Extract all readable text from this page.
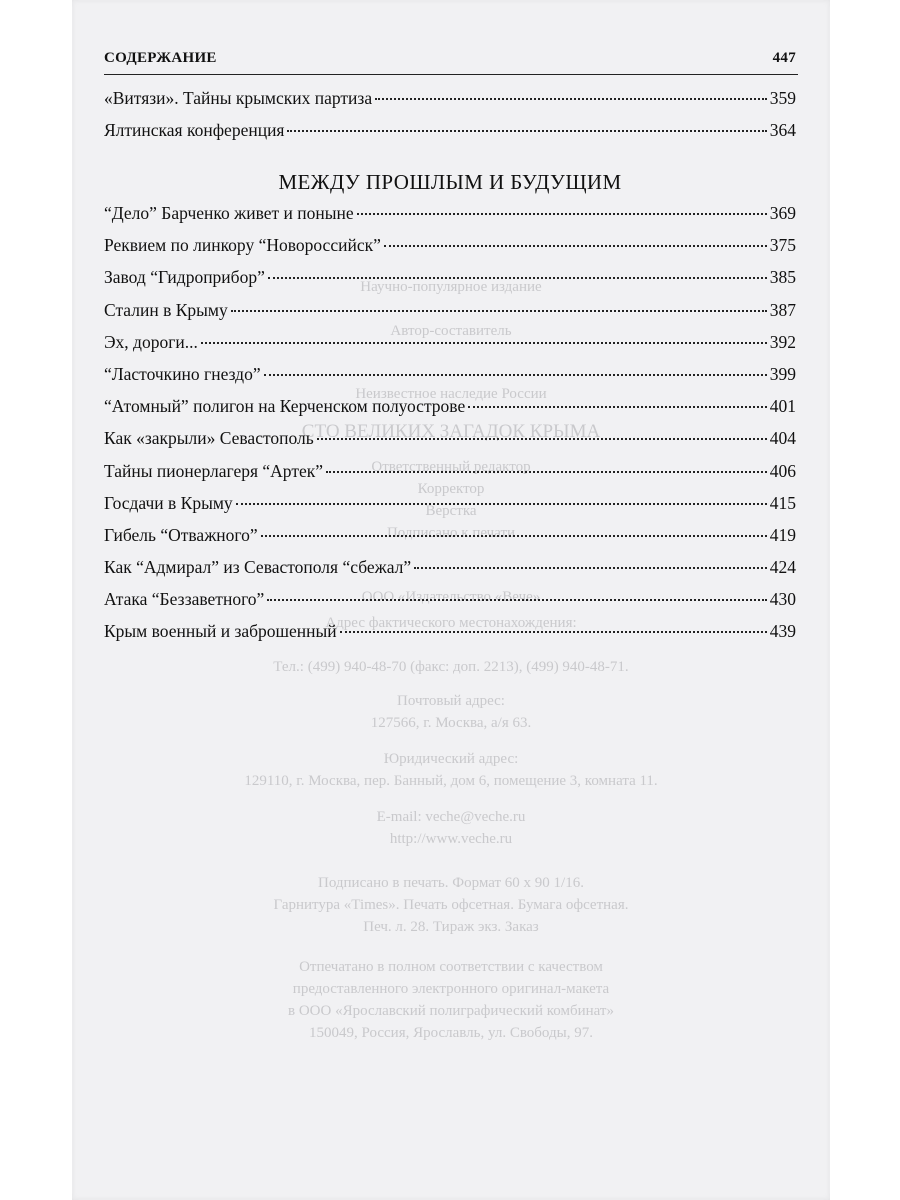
Научно-популярное издание
Автор-составитель
Неизвестное наследие России
СТО ВЕЛИКИХ ЗАГАДОК КРЫМА
Ответственный редактор
Корректор
Верстка
Подписано к печати
ООО «Издательство «Вече»
Адрес фактического местонахождения:
Тел.: (499) 940-48-70 (факс: доп. 2213), (499) 940-48-71.
Почтовый адрес:
127566, г. Москва, а/я 63.
Юридический адрес:
129110, г. Москва, пер. Банный, дом 6, помещение 3, комната 11.
E-mail: veche@veche.ru
http://www.veche.ru
Подписано в печать. Формат 60 х 90 1/16.
Гарнитура «Times». Печать офсетная. Бумага офсетная.
Печ. л. 28. Тираж экз. Заказ
Отпечатано в полном соответствии с качеством
предоставленного электронного оригинал-макета
в ООО «Ярославский полиграфический комбинат»
150049, Россия, Ярославль, ул. Свободы, 97.
СОДЕРЖАНИЕ	447
«Витязи». Тайны крымских партиза	359
Ялтинская конференция	364
МЕЖДУ ПРОШЛЫМ И БУДУЩИМ
“Дело” Барченко живет и поныне	369
Реквием по линкору “Новороссийск”	375
Завод “Гидроприбор”	385
Сталин в Крыму	387
Эх, дороги...	392
“Ласточкино гнездо”	399
“Атомный” полигон на Керченском полуострове	401
Как «закрыли» Севастополь	404
Тайны пионерлагеря “Артек”	406
Госдачи в Крыму	415
Гибель “Отважного”	419
Как “Адмирал” из Севастополя “сбежал”	424
Атака “Беззаветного”	430
Крым военный и заброшенный	439
